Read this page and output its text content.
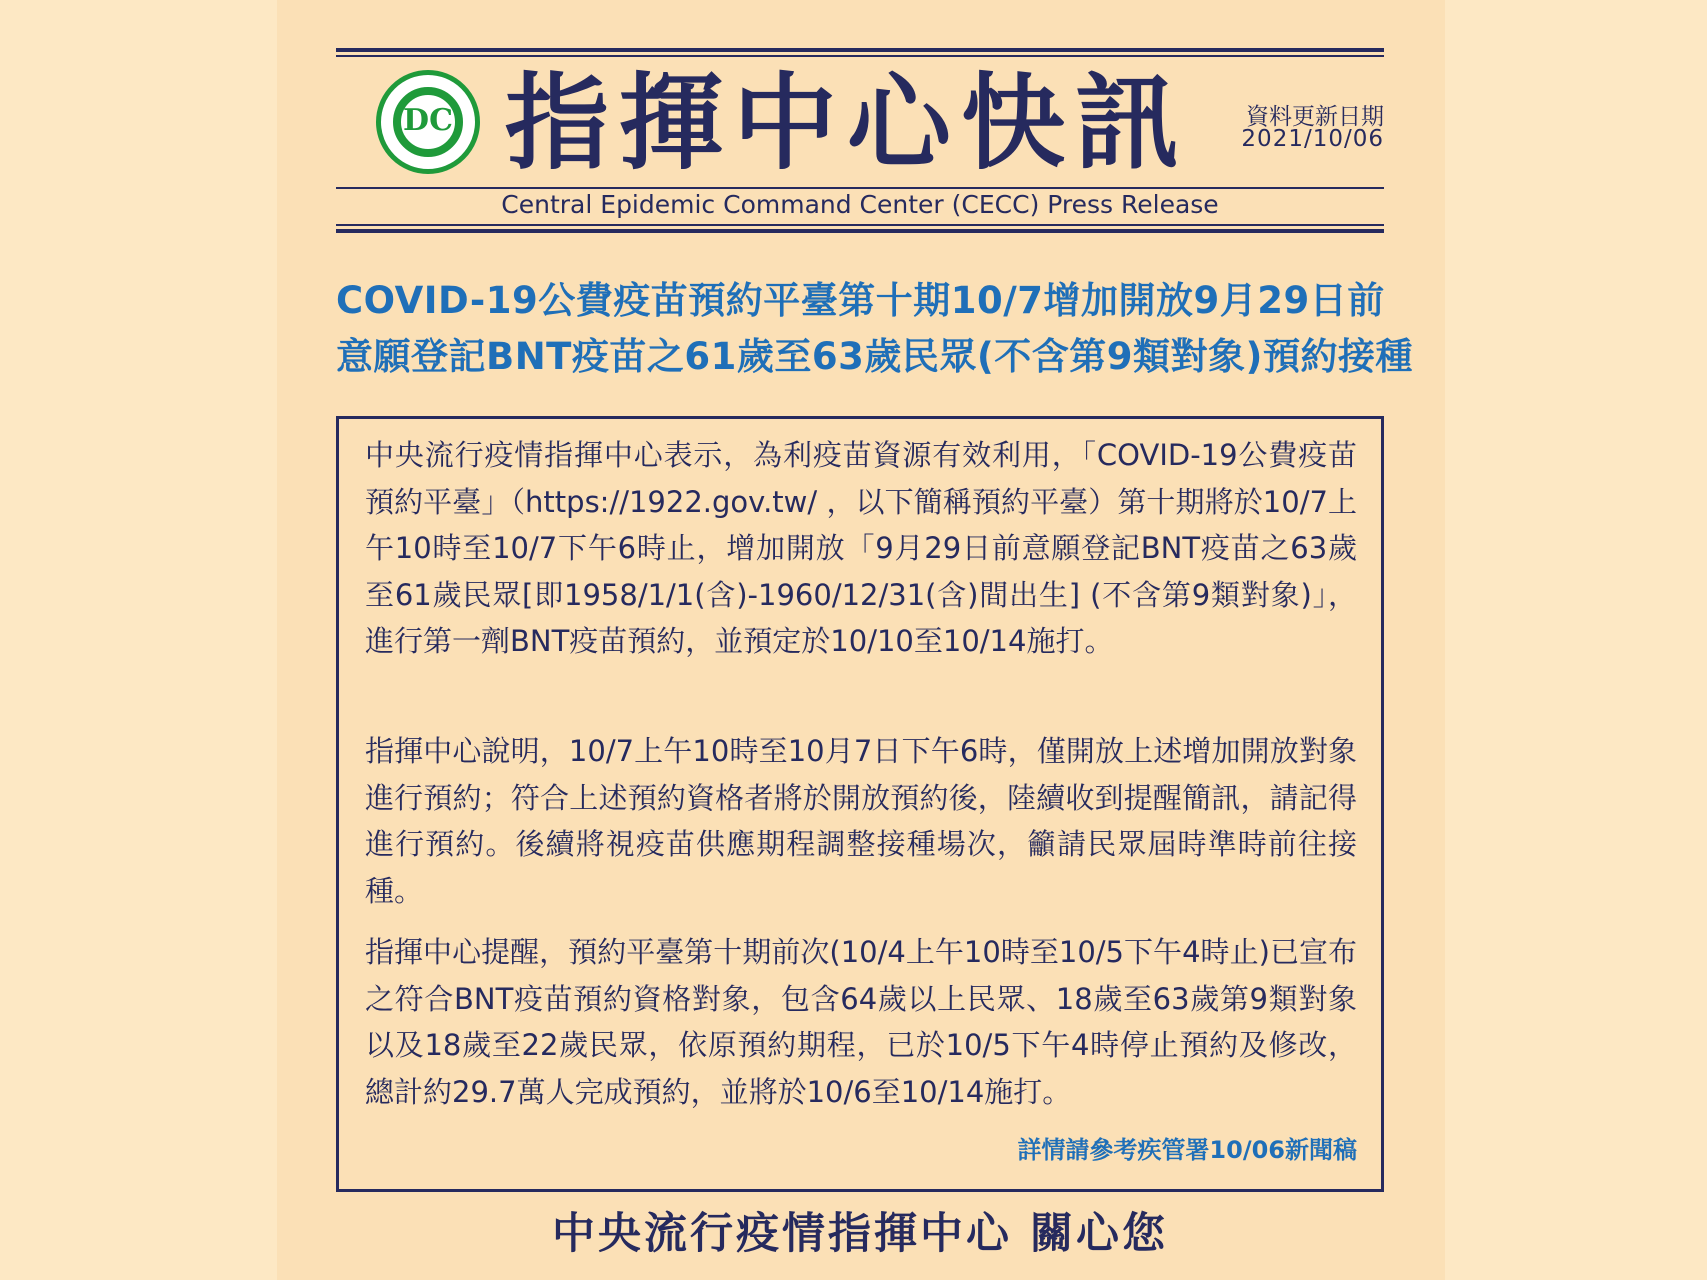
DC 指揮中心快訊	資料更新日期
2021/10/06
Central Epidemic Command Center (CECC) Press Release
COVID-19公費疫苗預約平臺第十期10/7增加開放9月29日前
意願登記BNT疫苗之61歲至63歲民眾(不含第9類對象)預約接種
中央流行疫情指揮中心表示，為利疫苗資源有效利用，「COVID-19公費疫苗預約平臺」（https://1922.gov.tw/ ，以下簡稱預約平臺）第十期將於10/7上午10時至10/7下午6時止，增加開放「9月29日前意願登記BNT疫苗之63歲至61歲民眾[即1958/1/1(含)-1960/12/31(含)間出生] (不含第9類對象)」，進行第一劑BNT疫苗預約，並預定於10/10至10/14施打。
指揮中心說明，10/7上午10時至10月7日下午6時，僅開放上述增加開放對象進行預約；符合上述預約資格者將於開放預約後，陸續收到提醒簡訊，請記得進行預約。後續將視疫苗供應期程調整接種場次，籲請民眾屆時準時前往接種。
指揮中心提醒，預約平臺第十期前次(10/4上午10時至10/5下午4時止)已宣布之符合BNT疫苗預約資格對象，包含64歲以上民眾、18歲至63歲第9類對象以及18歲至22歲民眾，依原預約期程，已於10/5下午4時停止預約及修改，總計約29.7萬人完成預約，並將於10/6至10/14施打。
詳情請參考疾管署10/06新聞稿
中央流行疫情指揮中心 關心您
